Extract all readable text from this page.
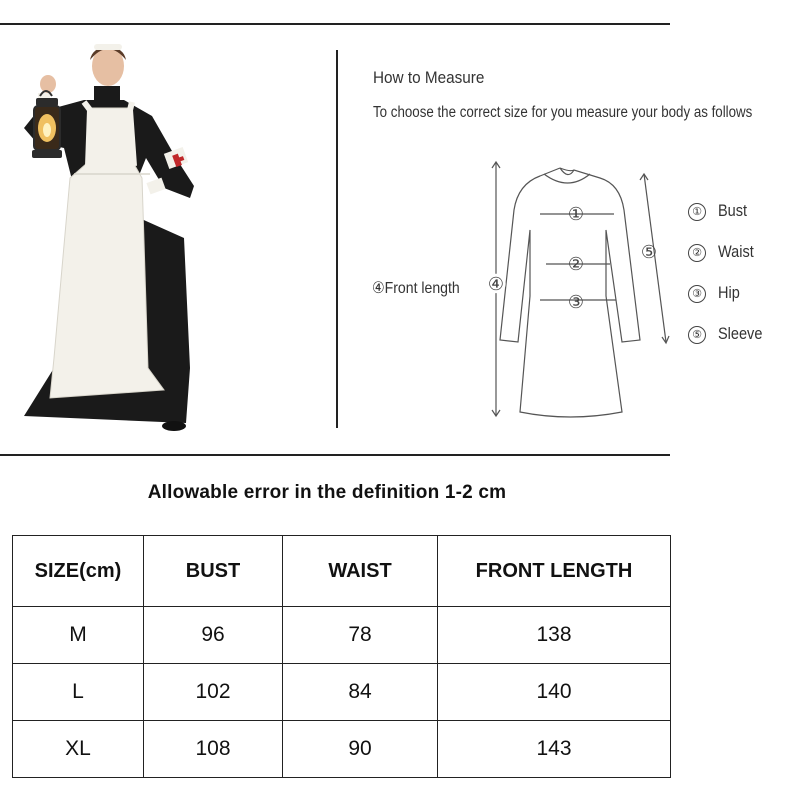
How to Measure
To choose the correct size for you measure your body as follows
①
②
③
④
⑤
④Front length
① Bust
② Waist
③ Hip
⑤ Sleeve
Allowable error in the definition 1-2 cm
SIZE(cm)	BUST	WAIST	FRONT LENGTH
M	96	78	138
L	102	84	140
XL	108	90	143
